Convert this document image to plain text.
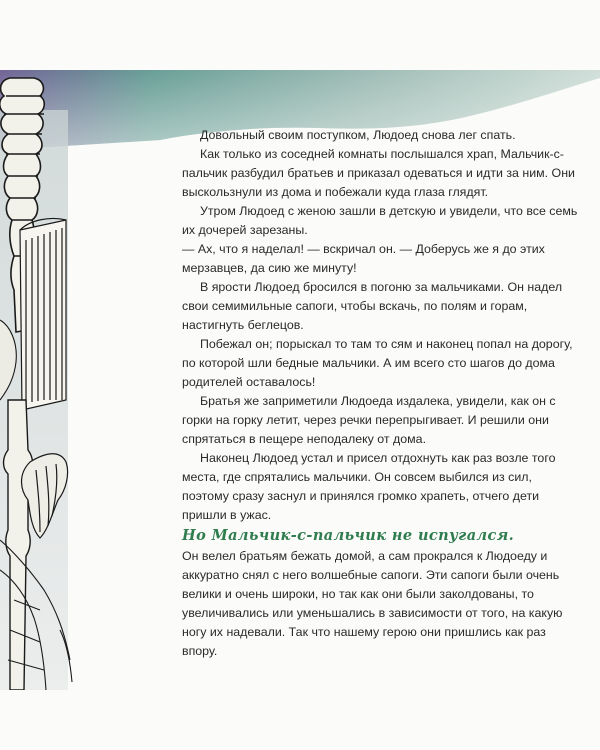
Довольный своим поступком, Людоед снова лег спать.

Как только из соседней комнаты послышался храп, Мальчик-с-пальчик разбудил братьев и приказал одеваться и идти за ним. Они выскользнули из дома и побежали куда глаза глядят.

Утром Людоед с женою зашли в детскую и увидели, что все семь их дочерей зарезаны.

— Ах, что я наделал! — вскричал он. — Доберусь же я до этих мерзавцев, да сию же минуту!

В ярости Людоед бросился в погоню за мальчиками. Он надел свои семимильные сапоги, чтобы вскачь, по полям и горам, настигнуть беглецов.

Побежал он; порыскал то там то сям и наконец попал на дорогу, по которой шли бедные мальчики. А им всего сто шагов до дома родителей оставалось!

Братья же заприметили Людоеда издалека, увидели, как он с горки на горку летит, через речки перепрыгивает. И решили они спрятаться в пещере неподалеку от дома.

Наконец Людоед устал и присел отдохнуть как раз возле того места, где спрятались мальчики. Он совсем выбился из сил, поэтому сразу заснул и принялся громко храпеть, отчего дети пришли в ужас.

Но Мальчик-с-пальчик не испугался.

Он велел братьям бежать домой, а сам прокрался к Людоеду и аккуратно снял с него волшебные сапоги. Эти сапоги были очень велики и очень широки, но так как они были заколдованы, то увеличивались или уменьшались в зависимости от того, на какую ногу их надевали. Так что нашему герою они пришлись как раз впору.
